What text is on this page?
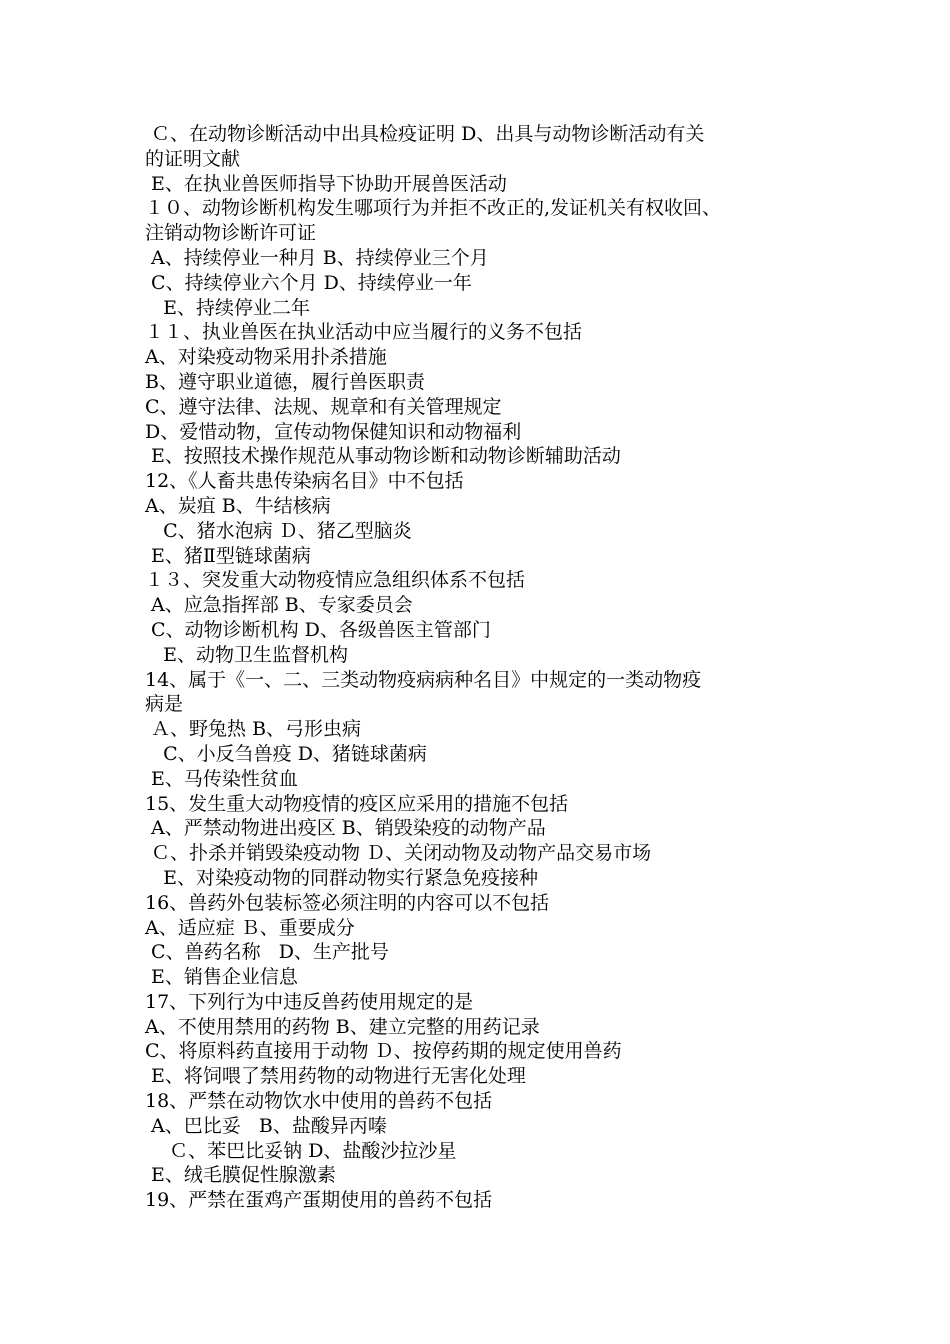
Ｃ、在动物诊断活动中出具检疫证明 D、出具与动物诊断活动有关
的证明文献
E、在执业兽医师指导下协助开展兽医活动
１０、动物诊断机构发生哪项行为并拒不改正的,发证机关有权收回、
注销动物诊断许可证
A、持续停业一种月 B、持续停业三个月
C、持续停业六个月 D、持续停业一年
E、持续停业二年
１１、执业兽医在执业活动中应当履行的义务不包括
A、对染疫动物采用扑杀措施
B、遵守职业道德，履行兽医职责
C、遵守法律、法规、规章和有关管理规定
D、爱惜动物，宣传动物保健知识和动物福利
E、按照技术操作规范从事动物诊断和动物诊断辅助活动
12、《人畜共患传染病名目》中不包括
A、炭疽 B、牛结核病
C、猪水泡病 Ｄ、猪乙型脑炎
E、猪Ⅱ型链球菌病
１３、突发重大动物疫情应急组织体系不包括
A、应急指挥部 B、专家委员会
C、动物诊断机构 D、各级兽医主管部门
E、动物卫生监督机构
14、属于《一、二、三类动物疫病病种名目》中规定的一类动物疫
病是
Ａ、野兔热 B、弓形虫病
C、小反刍兽疫 D、猪链球菌病
E、马传染性贫血
15、发生重大动物疫情的疫区应采用的措施不包括
A、严禁动物进出疫区 B、销毁染疫的动物产品
Ｃ、扑杀并销毁染疫动物 Ｄ、关闭动物及动物产品交易市场
E、对染疫动物的同群动物实行紧急免疫接种
16、兽药外包装标签必须注明的内容可以不包括
A、适应症 Ｂ、重要成分
C、兽药名称   D、生产批号
E、销售企业信息
17、下列行为中违反兽药使用规定的是
A、不使用禁用的药物 B、建立完整的用药记录
C、将原料药直接用于动物 Ｄ、按停药期的规定使用兽药
E、将饲喂了禁用药物的动物进行无害化处理
18、严禁在动物饮水中使用的兽药不包括
A、巴比妥   B、盐酸异丙嗪
Ｃ、苯巴比妥钠 D、盐酸沙拉沙星
E、绒毛膜促性腺激素
19、严禁在蛋鸡产蛋期使用的兽药不包括
